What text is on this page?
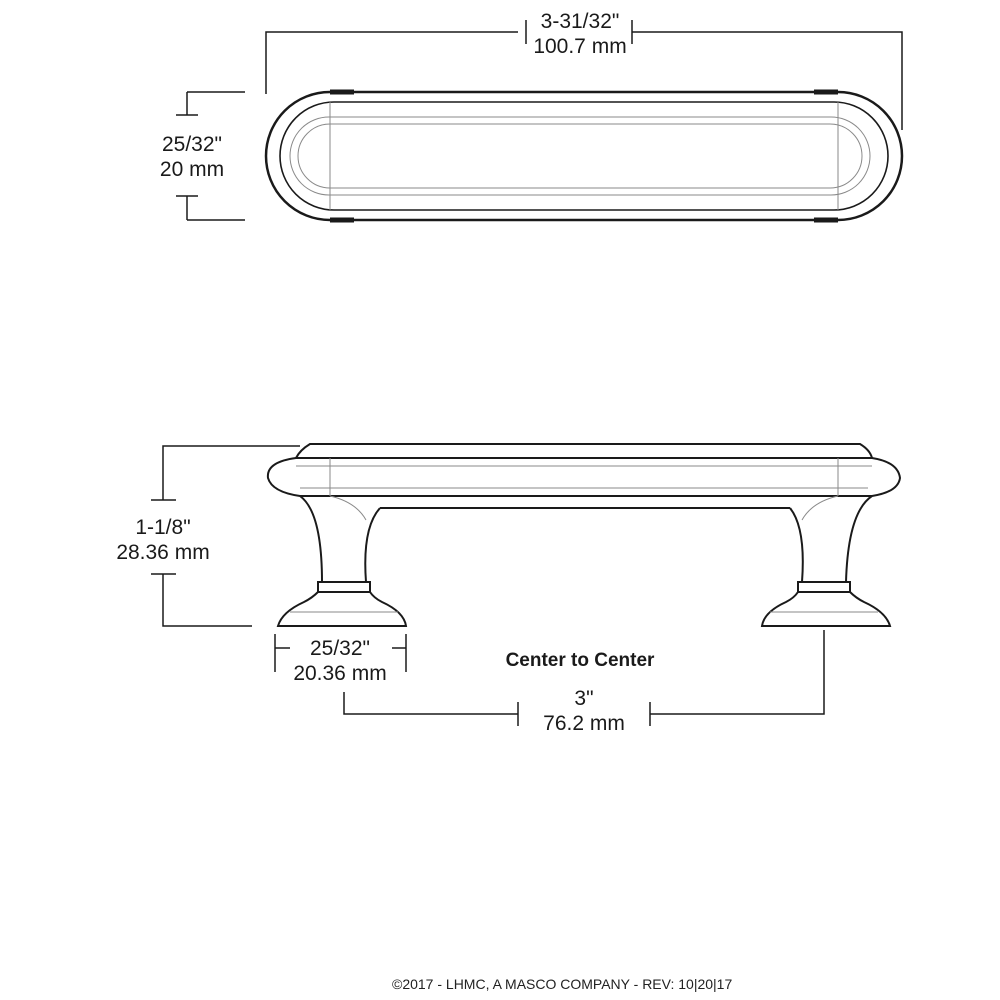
3-31/32"
100.7 mm
25/32"
20 mm
1-1/8"
28.36 mm
25/32"
20.36 mm
Center to Center
3"
76.2 mm
©2017 - LHMC, A MASCO COMPANY - REV: 10|20|17
